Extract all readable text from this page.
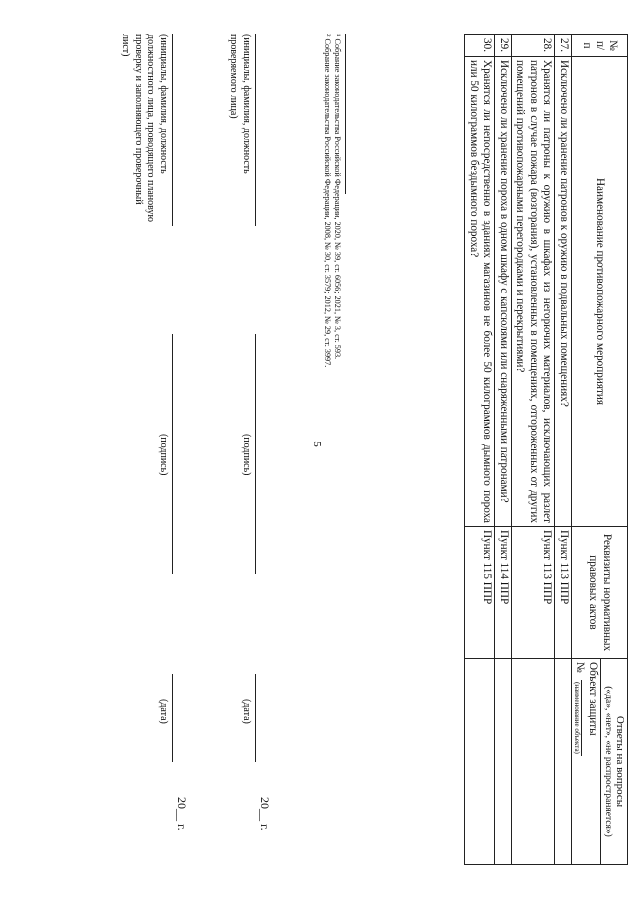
5
№ п/п	Наименование противопожарного мероприятия	Реквизиты нормативных правовых актов	Ответы на вопросы
(«да», «нет», «не распространяется»)

			Объект защиты
№
(наименование объекта)

27.	Исключено ли хранение патронов к оружию в подвальных помещениях?	Пункт 113 ППР	
28.	Хранятся ли патроны к оружию в шкафах из негорючих материалов, исключающих разлет патронов в случае пожара (возгорания), установленных в помещениях, отгороженных от других помещений противопожарными перегородками и перекрытиями?	Пункт 113 ППР	
29.	Исключено ли хранение пороха в одном шкафу с капсюлями или снаряженными патронами?	Пункт 114 ППР	
30.	Хранятся ли непосредственно в зданиях магазинов не более 50 килограммов дымного пороха или 50 килограммов бездымного пороха?	Пункт 115 ППР	
¹ Собрание законодательства Российской Федерации, 2020, № 39, ст. 6056; 2021, № 3, ст. 593.
² Собрание законодательства Российской Федерации, 2008, № 30, ст. 3579; 2012, № 29, ст. 3997.
(инициалы, фамилия, должность проверяемого лица)
(подпись)
(дата)
20__ г.
(инициалы, фамилия, должность должностного лица, проводящего плановую проверку и заполняющего проверочный лист)
(подпись)
(дата)
20__ г.
